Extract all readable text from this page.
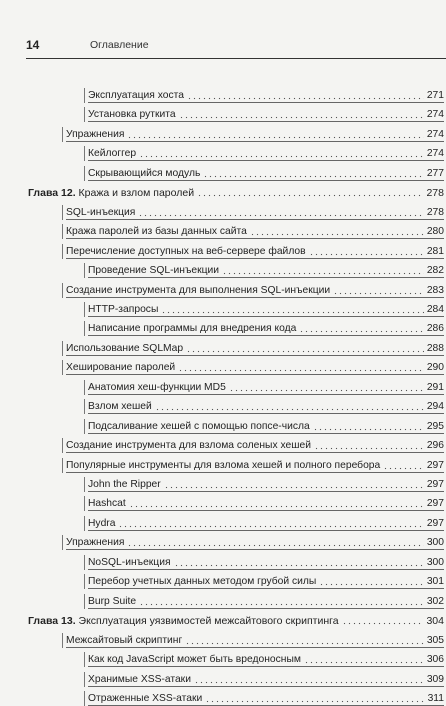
14	Оглавление
Эксплуатация хоста	271
Установка руткита	274
Упражнения	274
Кейлоггер	274
Скрывающийся модуль	277
Глава 12. Кража и взлом паролей	278
SQL-инъекция	278
Кража паролей из базы данных сайта	280
Перечисление доступных на веб-сервере файлов	281
Проведение SQL-инъекции	282
Создание инструмента для выполнения SQL-инъекции	283
HTTP-запросы	284
Написание программы для внедрения кода	286
Использование SQLMap	288
Хеширование паролей	290
Анатомия хеш-функции MD5	291
Взлом хешей	294
Подсаливание хешей с помощью попсе-числа	295
Создание инструмента для взлома соленых хешей	296
Популярные инструменты для взлома хешей и полного перебора	297
John the Ripper	297
Hashcat	297
Hydra	297
Упражнения	300
NoSQL-инъекция	300
Перебор учетных данных методом грубой силы	301
Burp Suite	302
Глава 13. Эксплуатация уязвимостей межсайтового скриптинга	304
Межсайтовый скриптинг	305
Как код JavaScript может быть вредоносным	306
Хранимые XSS-атаки	309
Отраженные XSS-атаки	311
